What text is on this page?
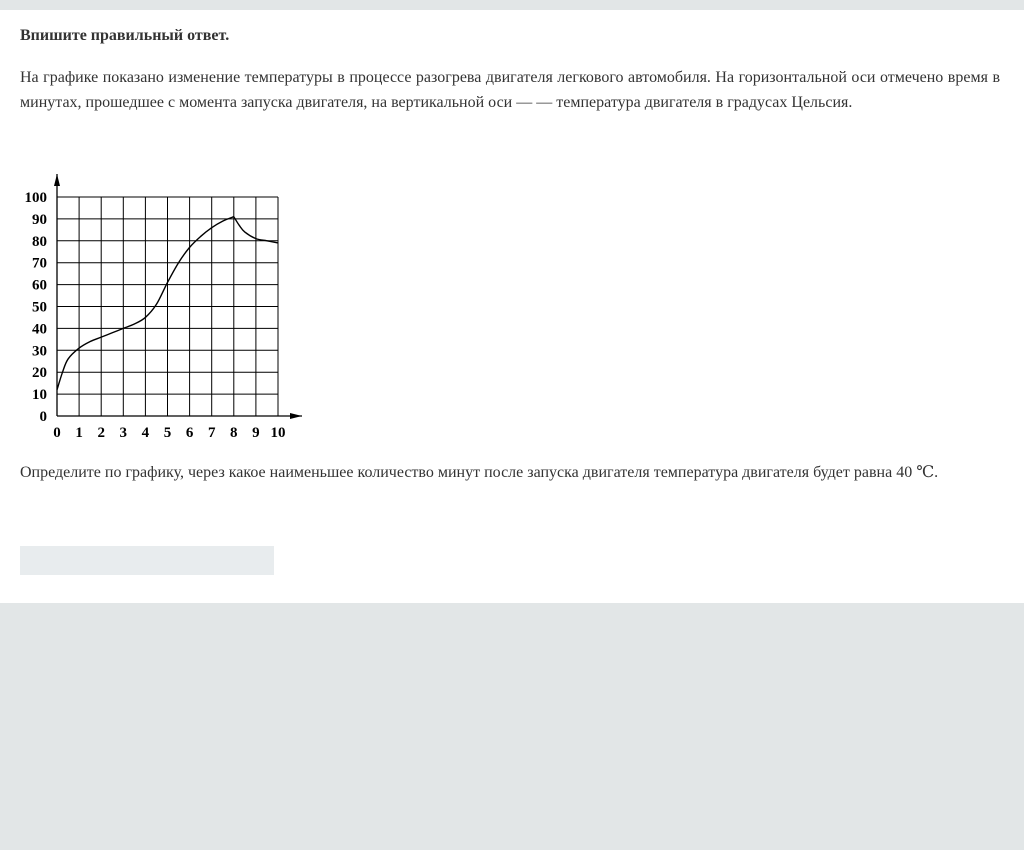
Впишите правильный ответ.

На графике показано изменение температуры в процессе разогрева двигателя легкового автомобиля. На горизонтальной оси отмечено время в минутах, прошедшее с момента запуска двигателя, на вертикальной оси — — температура двигателя в градусах Цельсия.

0
10
20
30
40
50
60
70
80
90
100
0 1 2 3 4 5 6 7 8 9 10

Определите по графику, через какое наименьшее количество минут после запуска двигателя температура двигателя будет равна 40 ℃.
